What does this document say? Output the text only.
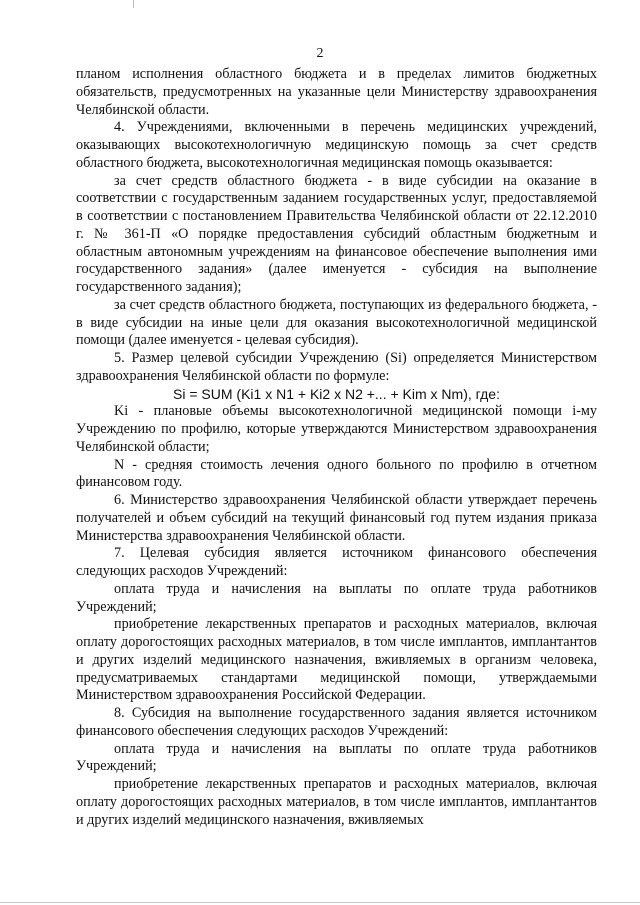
2

планом исполнения областного бюджета и в пределах лимитов бюджетных обязательств, предусмотренных на указанные цели Министерству здравоохранения Челябинской области.

4. Учреждениями, включенными в перечень медицинских учреждений, оказывающих высокотехнологичную медицинскую помощь за счет средств областного бюджета, высокотехнологичная медицинская помощь оказывается:

за счет средств областного бюджета - в виде субсидии на оказание в соответствии с государственным заданием государственных услуг, предоставляемой в соответствии с постановлением Правительства Челябинской области от 22.12.2010 г. № 361-П «О порядке предоставления субсидий областным бюджетным и областным автономным учреждениям на финансовое обеспечение выполнения ими государственного задания» (далее именуется - субсидия на выполнение государственного задания);

за счет средств областного бюджета, поступающих из федерального бюджета, - в виде субсидии на иные цели для оказания высокотехнологичной медицинской помощи (далее именуется - целевая субсидия).

5. Размер целевой субсидии Учреждению (Si) определяется Министерством здравоохранения Челябинской области по формуле:

Si = SUM (Ki1 x N1 + Ki2 x N2 +... + Kim x Nm), где:

Ki - плановые объемы высокотехнологичной медицинской помощи i-му Учреждению по профилю, которые утверждаются Министерством здравоохранения Челябинской области;

N - средняя стоимость лечения одного больного по профилю в отчетном финансовом году.

6. Министерство здравоохранения Челябинской области утверждает перечень получателей и объем субсидий на текущий финансовый год путем издания приказа Министерства здравоохранения Челябинской области.

7. Целевая субсидия является источником финансового обеспечения следующих расходов Учреждений:

оплата труда и начисления на выплаты по оплате труда работников Учреждений;

приобретение лекарственных препаратов и расходных материалов, включая оплату дорогостоящих расходных материалов, в том числе имплантов, имплантантов и других изделий медицинского назначения, вживляемых в организм человека, предусматриваемых стандартами медицинской помощи, утверждаемыми Министерством здравоохранения Российской Федерации.

8. Субсидия на выполнение государственного задания является источником финансового обеспечения следующих расходов Учреждений:

оплата труда и начисления на выплаты по оплате труда работников Учреждений;

приобретение лекарственных препаратов и расходных материалов, включая оплату дорогостоящих расходных материалов, в том числе имплантов, имплантантов и других изделий медицинского назначения, вживляемых
